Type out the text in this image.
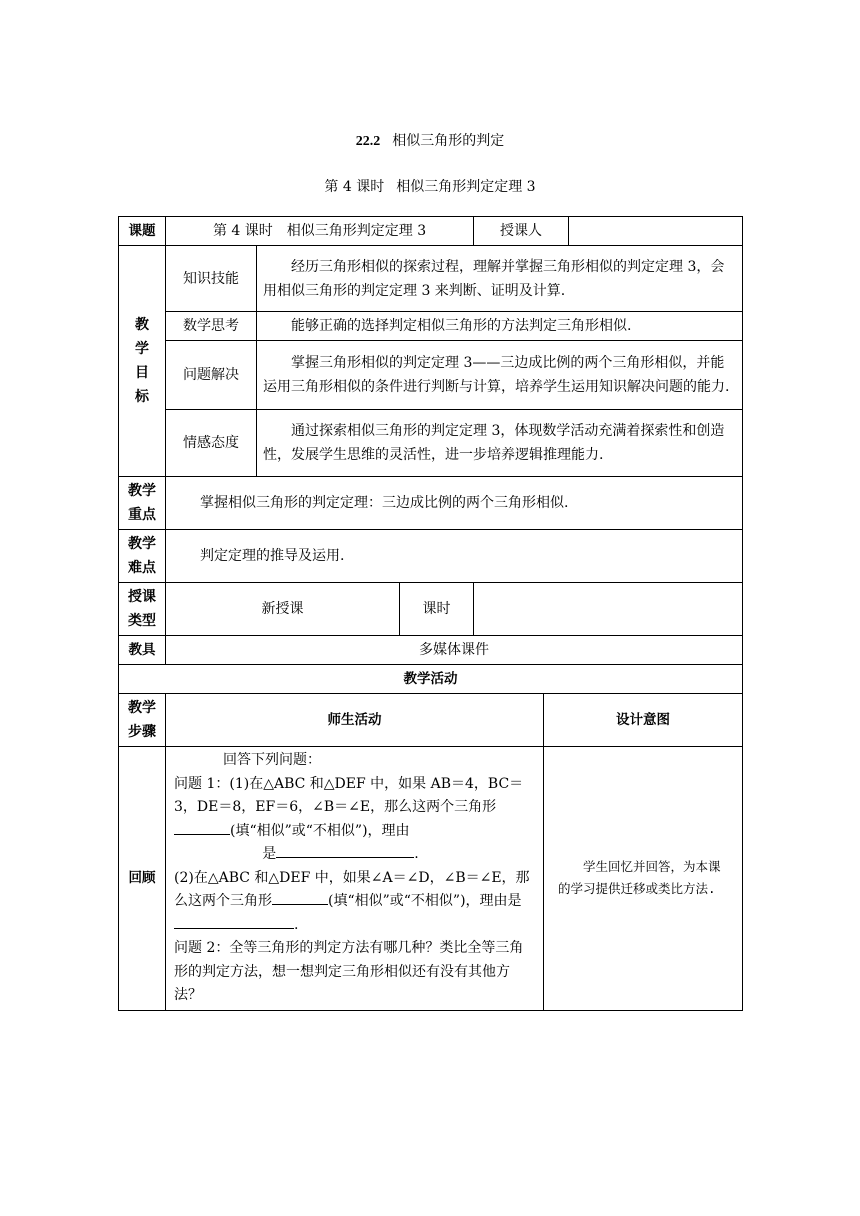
22.2 相似三角形的判定
第 4 课时 相似三角形判定定理 3
课题	第 4 课时　相似三角形判定定理 3			授课人		

教
学
目
标	知识技能	经历三角形相似的探索过程，理解并掌握三角形相似的判定定理 3，会用相似三角形的判定定理 3 来判断、证明及计算.				
	数学思考	能够正确的选择判定相似三角形的方法判定三角形相似.				
	问题解决	掌握三角形相似的判定定理 3——三边成比例的两个三角形相似，并能运用三角形相似的条件进行判断与计算，培养学生运用知识解决问题的能力.				
	情感态度	通过探索相似三角形的判定定理 3，体现数学活动充满着探索性和创造性，发展学生思维的灵活性，进一步培养逻辑推理能力.				

教学
重点	掌握相似三角形的判定定理：三边成比例的两个三角形相似.					

教学
难点	判定定理的推导及运用.					

授课
类型	新授课		课时			
教具	多媒体课件					
教学活动						

教学
步骤	师生活动				设计意图	
回顾	回答下列问题：

问题 1：(1)在△ABC 和△DEF 中，如果 AB＝4，BC＝3，DE＝8，EF＝6，∠B＝∠E，那么这两个三角形(填“相似”或“不相似”)，理由

是 .

(2)在△ABC 和△DEF 中，如果∠A＝∠D，∠B＝∠E，那么这两个三角形 (填“相似”或“不相似”)，理由是.

问题 2：全等三角形的判定方法有哪几种？类比全等三角形的判定方法，想一想判定三角形相似还有没有其他方法？				学生回忆并回答，为本课的学习提供迁移或类比方法.	
